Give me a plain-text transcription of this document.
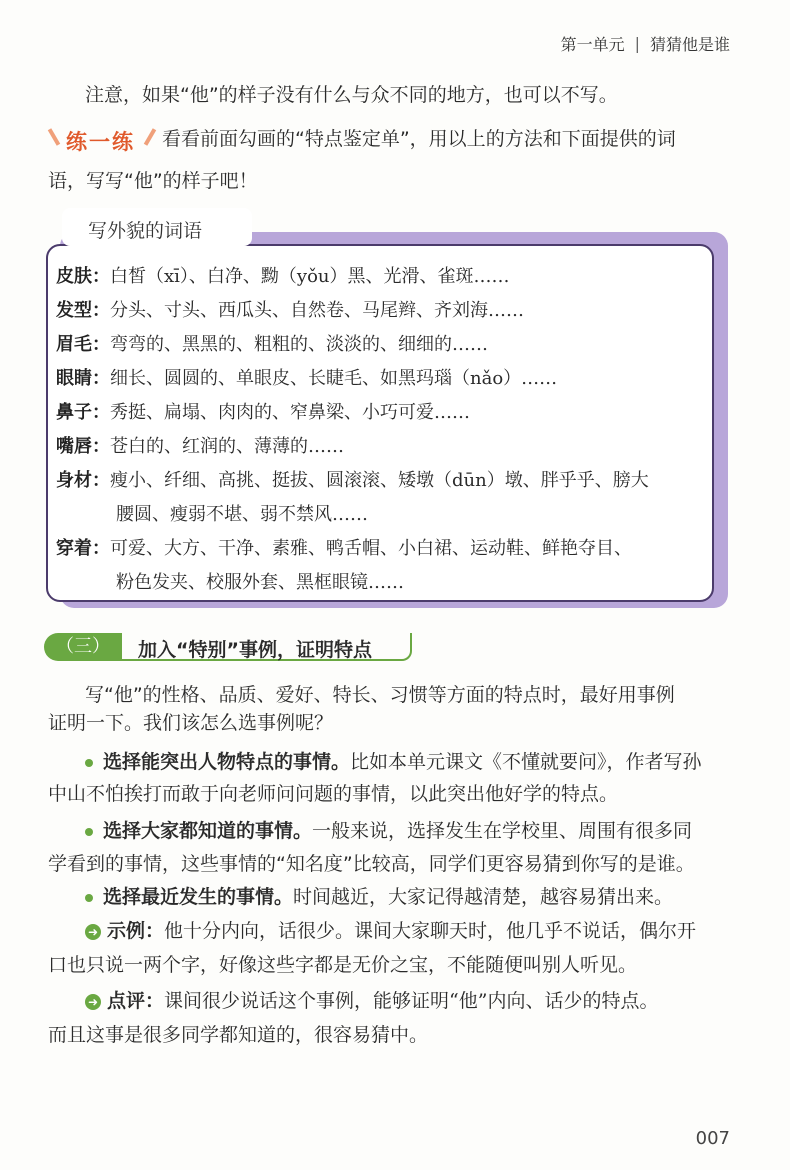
第一单元 | 猜猜他是谁
注意，如果“他”的样子没有什么与众不同的地方，也可以不写。
练一练 看看前面勾画的“特点鉴定单”，用以上的方法和下面提供的词
语，写写“他”的样子吧！
写外貌的词语
皮肤：白皙（xī）、白净、黝（yǒu）黑、光滑、雀斑……
发型：分头、寸头、西瓜头、自然卷、马尾辫、齐刘海……
眉毛：弯弯的、黑黑的、粗粗的、淡淡的、细细的……
眼睛：细长、圆圆的、单眼皮、长睫毛、如黑玛瑙（nǎo）……
鼻子：秀挺、扁塌、肉肉的、窄鼻梁、小巧可爱……
嘴唇：苍白的、红润的、薄薄的……
身材：瘦小、纤细、高挑、挺拔、圆滚滚、矮墩（dūn）墩、胖乎乎、膀大
腰圆、瘦弱不堪、弱不禁风……
穿着：可爱、大方、干净、素雅、鸭舌帽、小白裙、运动鞋、鲜艳夺目、
粉色发夹、校服外套、黑框眼镜……
（三）	加入“特别”事例，证明特点
写“他”的性格、品质、爱好、特长、习惯等方面的特点时，最好用事例
证明一下。我们该怎么选事例呢？
选择能突出人物特点的事情。比如本单元课文《不懂就要问》，作者写孙
中山不怕挨打而敢于向老师问问题的事情，以此突出他好学的特点。
选择大家都知道的事情。一般来说，选择发生在学校里、周围有很多同
学看到的事情，这些事情的“知名度”比较高，同学们更容易猜到你写的是谁。
选择最近发生的事情。时间越近，大家记得越清楚，越容易猜出来。
➜ 示例：他十分内向，话很少。课间大家聊天时，他几乎不说话，偶尔开
口也只说一两个字，好像这些字都是无价之宝，不能随便叫别人听见。
➜ 点评：课间很少说话这个事例，能够证明“他”内向、话少的特点。
而且这事是很多同学都知道的，很容易猜中。
007
